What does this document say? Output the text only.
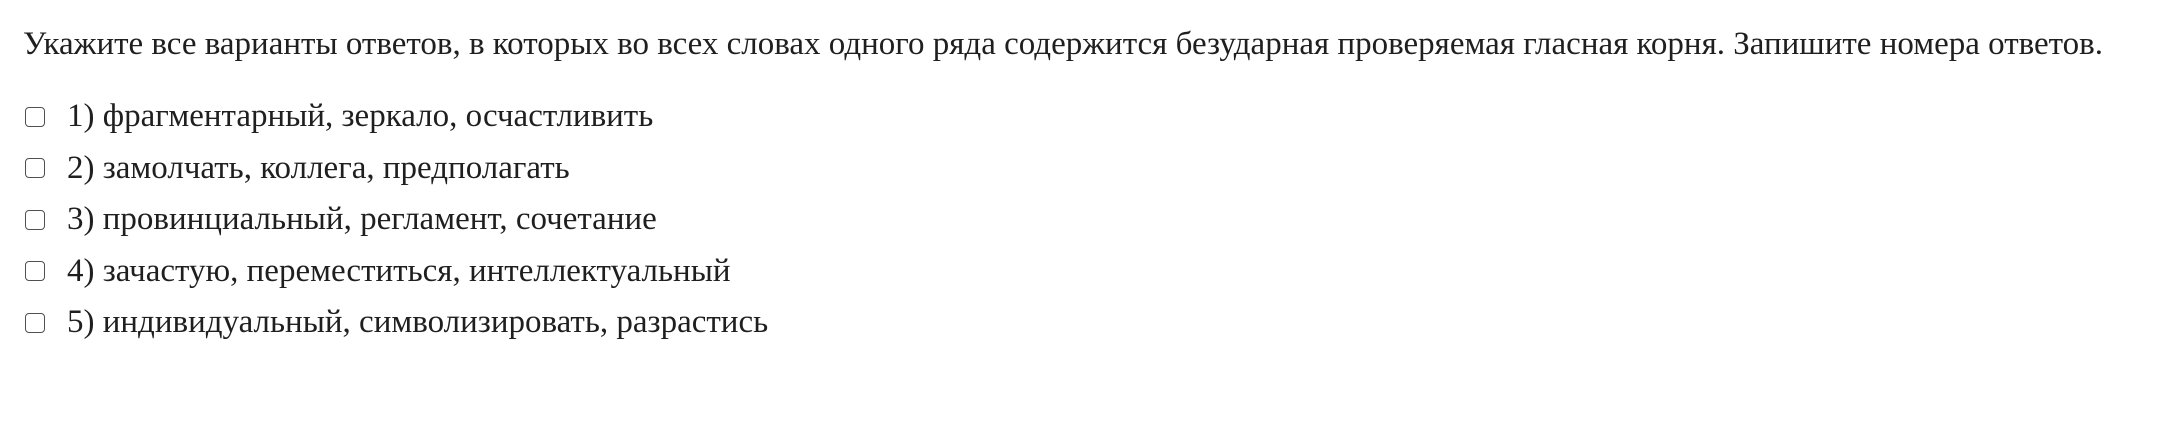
Укажите все варианты ответов, в которых во всех словах одного ряда содержится безударная проверяемая гласная корня. Запишите номера ответов.

1) фрагментарный, зеркало, осчастливить
2) замолчать, коллега, предполагать
3) провинциальный, регламент, сочетание
4) зачастую, переместиться, интеллектуальный
5) индивидуальный, символизировать, разрастись
